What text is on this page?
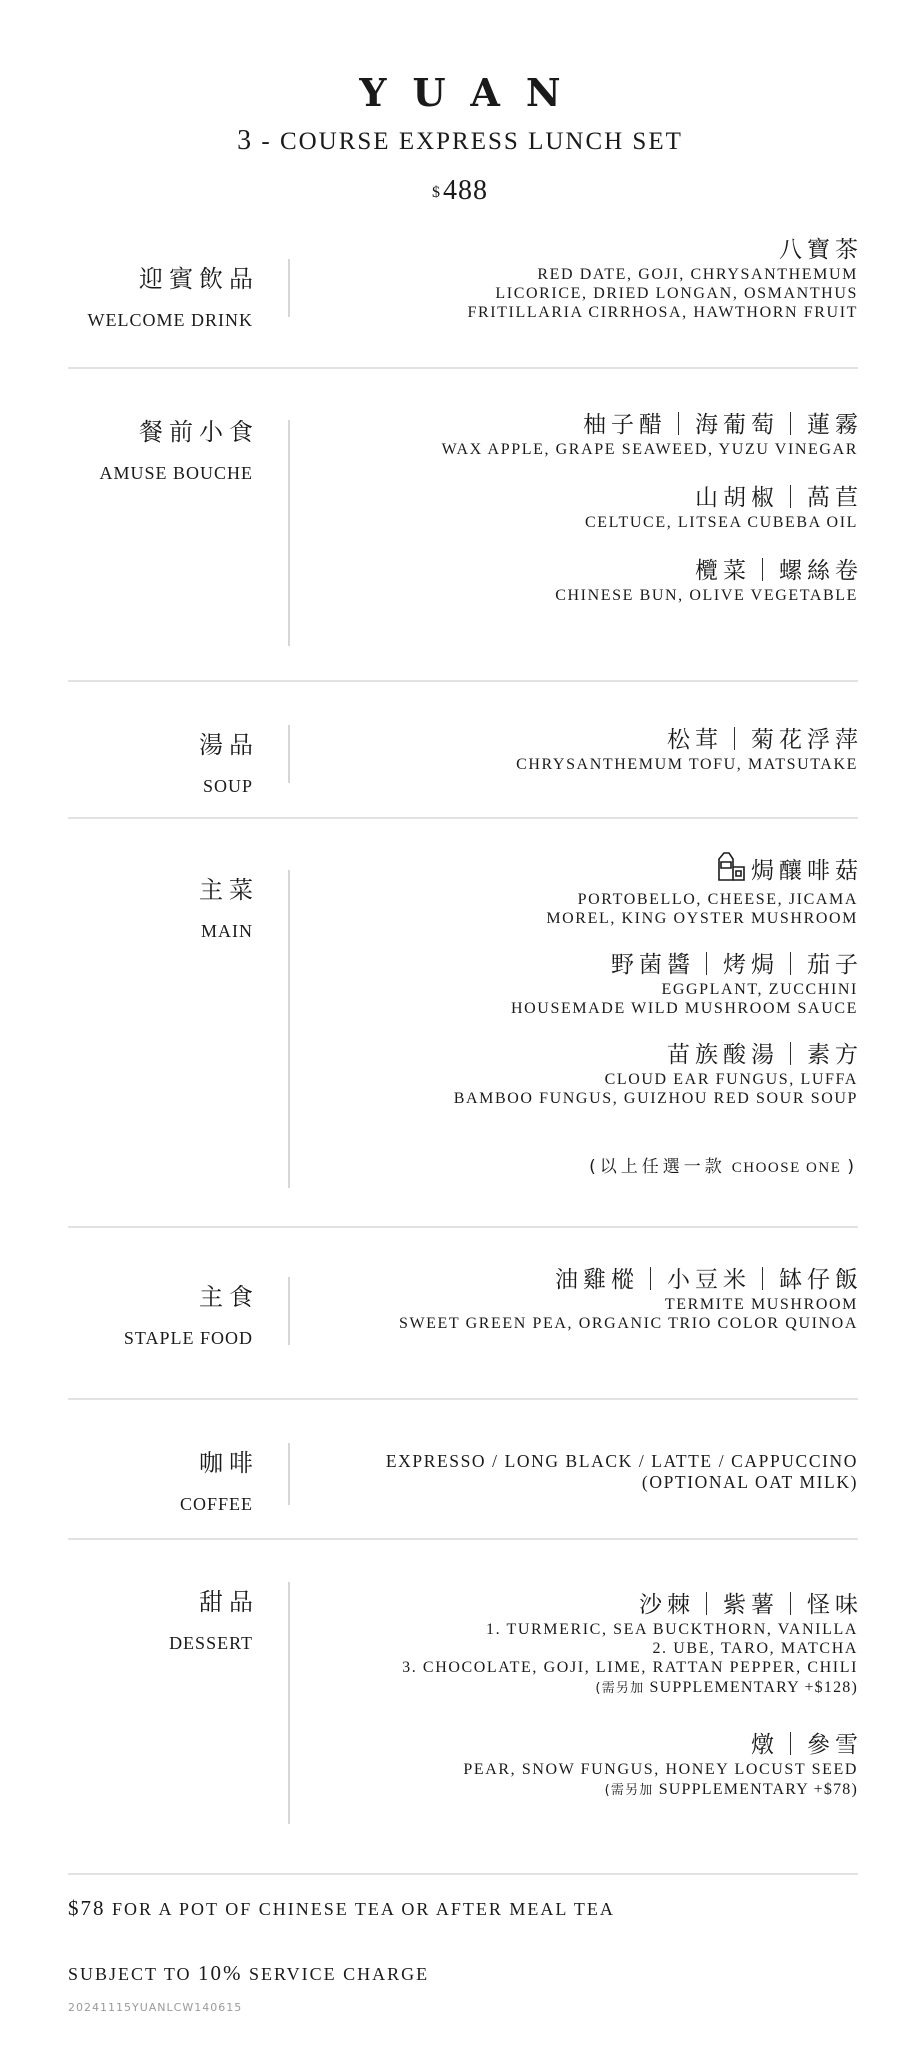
YUAN
3 - COURSE EXPRESS LUNCH SET
$488
迎賓飲品
WELCOME DRINK
八寶茶
RED DATE, GOJI, CHRYSANTHEMUM
LICORICE, DRIED LONGAN, OSMANTHUS
FRITILLARIA CIRRHOSA, HAWTHORN FRUIT
餐前小食
AMUSE BOUCHE
柚子醋｜海葡萄｜蓮霧
WAX APPLE, GRAPE SEAWEED, YUZU VINEGAR
山胡椒｜萵苣
CELTUCE, LITSEA CUBEBA OIL
欖菜｜螺絲卷
CHINESE BUN, OLIVE VEGETABLE
湯品
SOUP
松茸｜菊花浮萍
CHRYSANTHEMUM TOFU, MATSUTAKE
主菜
MAIN
焗釀啡菇
PORTOBELLO, CHEESE, JICAMA
MOREL, KING OYSTER MUSHROOM
野菌醬｜烤焗｜茄子
EGGPLANT, ZUCCHINI
HOUSEMADE WILD MUSHROOM SAUCE
苗族酸湯｜素方
CLOUD EAR FUNGUS, LUFFA
BAMBOO FUNGUS, GUIZHOU RED SOUR SOUP
(以上任選一款 CHOOSE ONE )
主食
STAPLE FOOD
油雞樅｜小豆米｜缽仔飯
TERMITE MUSHROOM
SWEET GREEN PEA, ORGANIC TRIO COLOR QUINOA
咖啡
COFFEE
EXPRESSO / LONG BLACK / LATTE / CAPPUCCINO
(OPTIONAL OAT MILK)
甜品
DESSERT
沙棘｜紫薯｜怪味
1. TURMERIC, SEA BUCKTHORN, VANILLA
2. UBE, TARO, MATCHA
3. CHOCOLATE, GOJI, LIME, RATTAN PEPPER, CHILI
(需另加 SUPPLEMENTARY +$128)
燉｜參雪
PEAR, SNOW FUNGUS, HONEY LOCUST SEED
(需另加 SUPPLEMENTARY +$78)
$78 FOR A POT OF CHINESE TEA OR AFTER MEAL TEA
SUBJECT TO 10% SERVICE CHARGE
20241115YUANLCW140615
